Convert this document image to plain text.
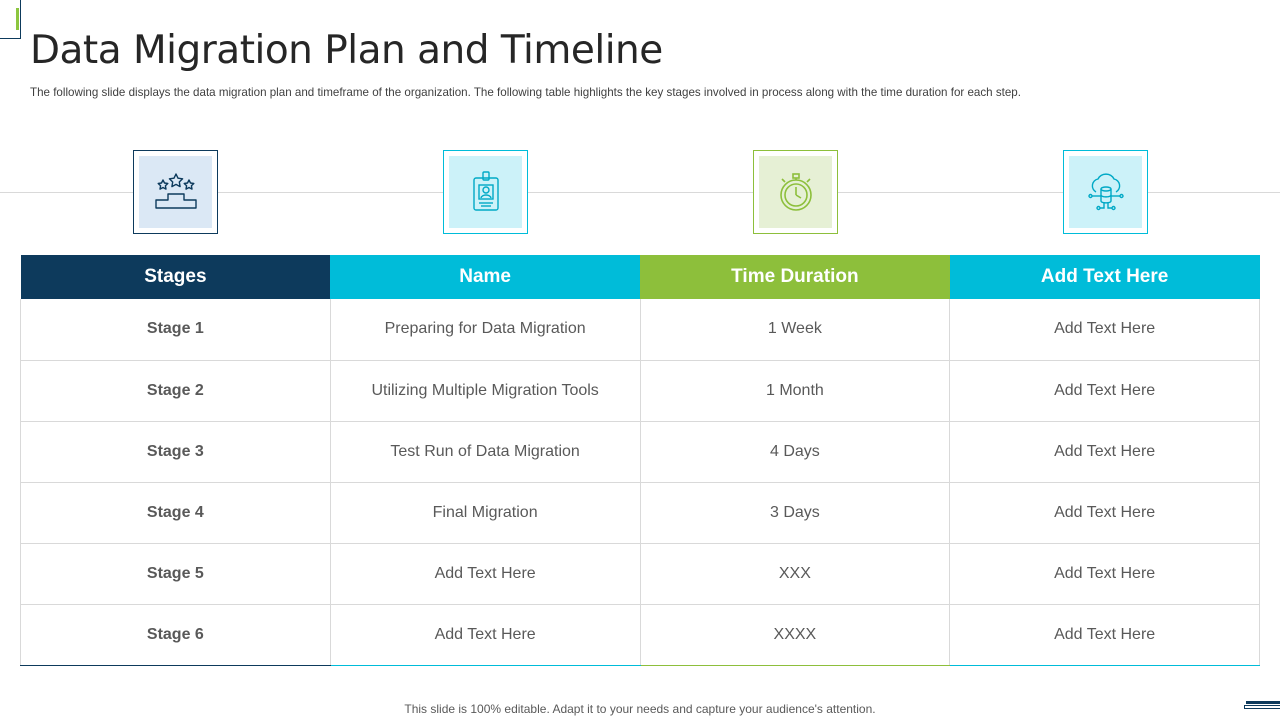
Data Migration Plan and Timeline

The following slide displays the data migration plan and timeframe of the organization. The following table highlights the key stages involved in process along with the time duration for each step.

Stages	Name	Time Duration	Add Text Here
Stage 1	Preparing for Data Migration	1 Week	Add Text Here
Stage 2	Utilizing Multiple Migration Tools	1 Month	Add Text Here
Stage 3	Test Run of Data Migration	4 Days	Add Text Here
Stage 4	Final Migration	3 Days	Add Text Here
Stage 5	Add Text Here	XXX	Add Text Here
Stage 6	Add Text Here	XXXX	Add Text Here
This slide is 100% editable. Adapt it to your needs and capture your audience's attention.
